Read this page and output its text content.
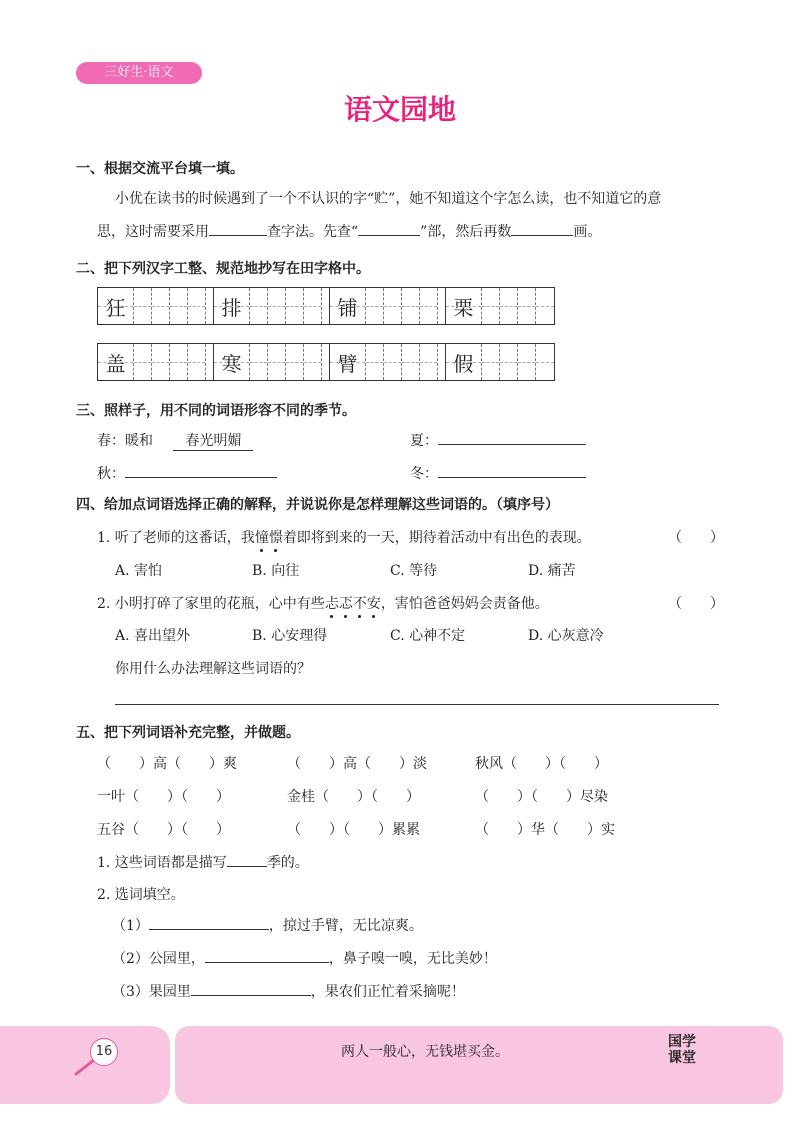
三好生·语文
语文园地
一、根据交流平台填一填。
小优在读书的时候遇到了一个不认识的字“贮”，她不知道这个字怎么读，也不知道它的意
思，这时需要采用	查字法。先查“	”部，然后再数	画。
二、把下列汉字工整、规范地抄写在田字格中。
狂	排	铺	栗
盖	寒	臂	假
三、照样子，用不同的词语形容不同的季节。
春：暖和 春光明媚	夏：
秋：	冬：
四、给加点词语选择正确的解释，并说说你是怎样理解这些词语的。（填序号）
1. 听了老师的这番话，我憧憬着即将到来的一天，期待着活动中有出色的表现。	（　　）
A. 害怕	B. 向往	C. 等待	D. 痛苦
2. 小明打碎了家里的花瓶，心中有些忐忑不安，害怕爸爸妈妈会责备他。	（　　）
A. 喜出望外	B. 心安理得	C. 心神不定	D. 心灰意冷
你用什么办法理解这些词语的？
五、把下列词语补充完整，并做题。
（　　）高（　　）爽	（　　）高（　　）淡	秋风（　　）（　　）
一叶（　　）（　　）	金桂（　　）（　　）	（　　）（　　）尽染
五谷（　　）（　　）	（　　）（　　）累累	（　　）华（　　）实
1. 这些词语都是描写	季的。
2. 选词填空。
（1）	，掠过手臂，无比凉爽。
（2）公园里，	，鼻子嗅一嗅，无比美妙！
（3）果园里	，果农们正忙着采摘呢！
16	两人一般心，无钱堪买金。
国学
课堂
